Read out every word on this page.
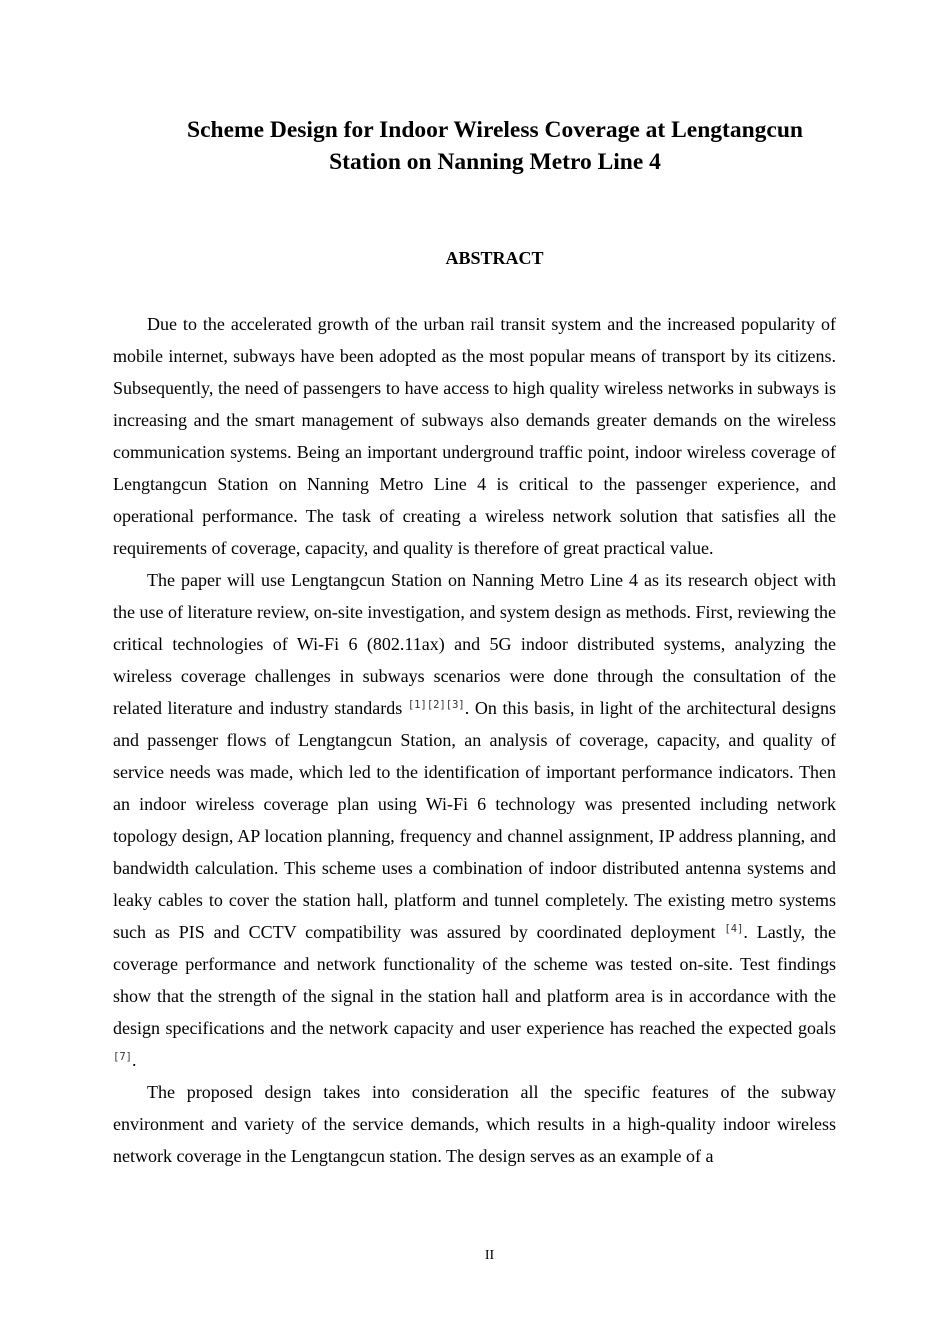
Scheme Design for Indoor Wireless Coverage at Lengtangcun
Station on Nanning Metro Line 4
ABSTRACT

Due to the accelerated growth of the urban rail transit system and the increased popularity of mobile internet, subways have been adopted as the most popular means of transport by its citizens. Subsequently, the need of passengers to have access to high quality wireless networks in subways is increasing and the smart management of subways also demands greater demands on the wireless communication systems. Being an important underground traffic point, indoor wireless coverage of Lengtangcun Station on Nanning Metro Line 4 is critical to the passenger experience, and operational performance. The task of creating a wireless network solution that satisfies all the requirements of coverage, capacity, and quality is therefore of great practical value.

The paper will use Lengtangcun Station on Nanning Metro Line 4 as its research object with the use of literature review, on-site investigation, and system design as methods. First, reviewing the critical technologies of Wi-Fi 6 (802.11ax) and 5G indoor distributed systems, analyzing the wireless coverage challenges in subways scenarios were done through the consultation of the related literature and industry standards [1][2][3]. On this basis, in light of the architectural designs and passenger flows of Lengtangcun Station, an analysis of coverage, capacity, and quality of service needs was made, which led to the identification of important performance indicators. Then an indoor wireless coverage plan using Wi-Fi 6 technology was presented including network topology design, AP location planning, frequency and channel assignment, IP address planning, and bandwidth calculation. This scheme uses a combination of indoor distributed antenna systems and leaky cables to cover the station hall, platform and tunnel completely. The existing metro systems such as PIS and CCTV compatibility was assured by coordinated deployment [4]. Lastly, the coverage performance and network functionality of the scheme was tested on-site. Test findings show that the strength of the signal in the station hall and platform area is in accordance with the design specifications and the network capacity and user experience has reached the expected goals [7].

The proposed design takes into consideration all the specific features of the subway environment and variety of the service demands, which results in a high-quality indoor wireless network coverage in the Lengtangcun station. The design serves as an example of a

II
